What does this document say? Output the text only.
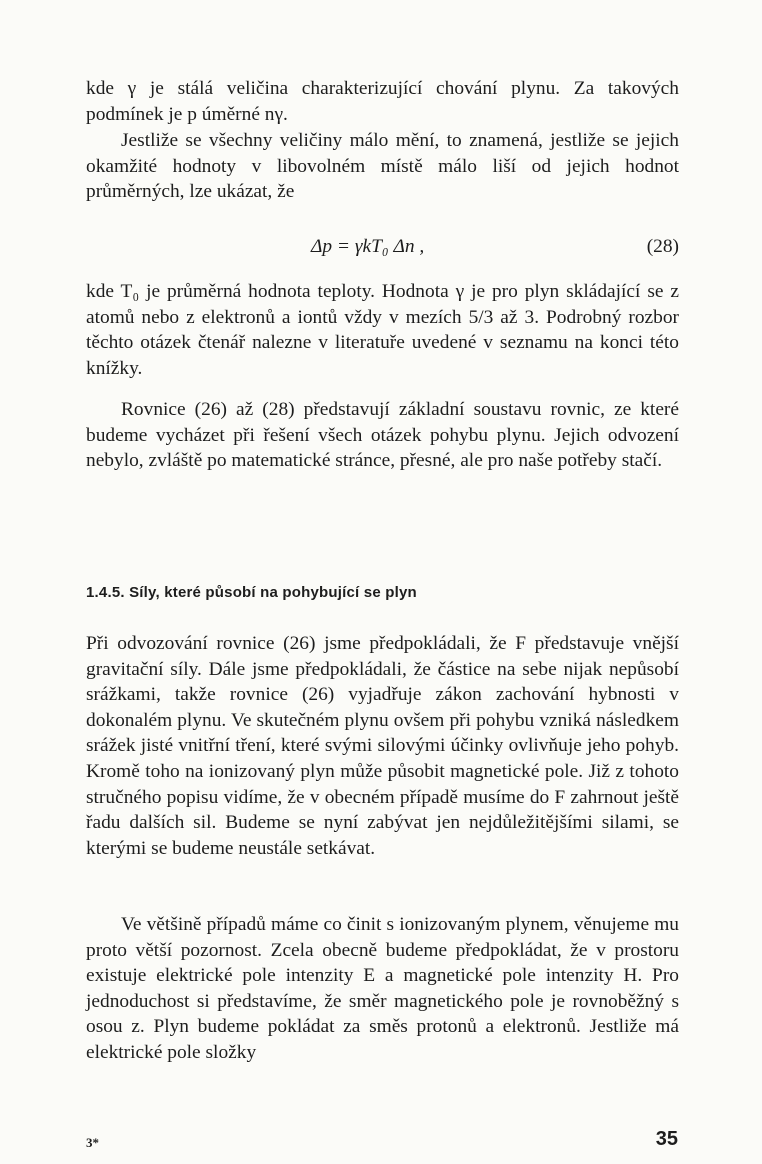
kde γ je stálá veličina charakterizující chování plynu. Za takových podmínek je p úměrné nγ.

Jestliže se všechny veličiny málo mění, to znamená, jestliže se jejich okamžité hodnoty v libovolném místě málo liší od jejich hodnot průměrných, lze ukázat, že

Δp = γkT₀ Δn ,	(28)

kde T₀ je průměrná hodnota teploty. Hodnota γ je pro plyn skládající se z atomů nebo z elektronů a iontů vždy v mezích 5/3 až 3. Podrobný rozbor těchto otázek čtenář nalezne v literatuře uvedené v seznamu na konci této knížky.

Rovnice (26) až (28) představují základní soustavu rovnic, ze které budeme vycházet při řešení všech otázek pohybu plynu. Jejich odvození nebylo, zvláště po matematické stránce, přesné, ale pro naše potřeby stačí.

1.4.5. Síly, které působí na pohybující se plyn

Při odvozování rovnice (26) jsme předpokládali, že F představuje vnější gravitační síly. Dále jsme předpokládali, že částice na sebe nijak nepůsobí srážkami, takže rovnice (26) vyjadřuje zákon zachování hybnosti v dokonalém plynu. Ve skutečném plynu ovšem při pohybu vzniká následkem srážek jisté vnitřní tření, které svými silovými účinky ovlivňuje jeho pohyb. Kromě toho na ionizovaný plyn může působit magnetické pole. Již z tohoto stručného popisu vidíme, že v obecném případě musíme do F zahrnout ještě řadu dalších sil. Budeme se nyní zabývat jen nejdůležitějšími silami, se kterými se budeme neustále setkávat.

Ve většině případů máme co činit s ionizovaným plynem, věnujeme mu proto větší pozornost. Zcela obecně budeme předpokládat, že v prostoru existuje elektrické pole intenzity E a magnetické pole intenzity H. Pro jednoduchost si představíme, že směr magnetického pole je rovnoběžný s osou z. Plyn budeme pokládat za směs protonů a elektronů. Jestliže má elektrické pole složky

3*	35
